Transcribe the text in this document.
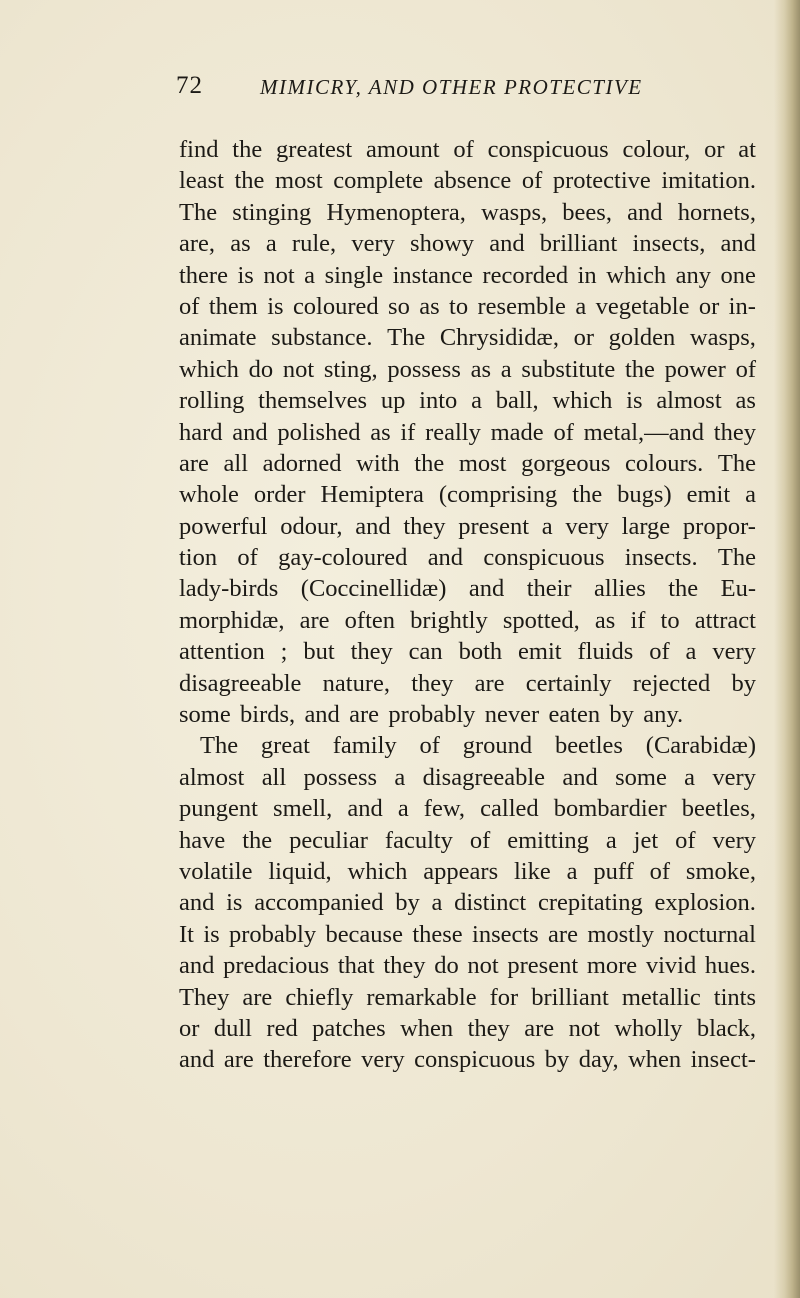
72	MIMICRY, AND OTHER PROTECTIVE
find the greatest amount of conspicuous colour, or at
least the most complete absence of protective imitation.
The stinging Hymenoptera, wasps, bees, and hornets,
are, as a rule, very showy and brilliant insects, and
there is not a single instance recorded in which any one
of them is coloured so as to resemble a vegetable or in-
animate substance. The Chrysididæ, or golden wasps,
which do not sting, possess as a substitute the power of
rolling themselves up into a ball, which is almost as
hard and polished as if really made of metal,—and they
are all adorned with the most gorgeous colours. The
whole order Hemiptera (comprising the bugs) emit a
powerful odour, and they present a very large propor-
tion of gay-coloured and conspicuous insects. The
lady-birds (Coccinellidæ) and their allies the Eu-
morphidæ, are often brightly spotted, as if to attract
attention ; but they can both emit fluids of a very
disagreeable nature, they are certainly rejected by
some birds, and are probably never eaten by any.
The great family of ground beetles (Carabidæ)
almost all possess a disagreeable and some a very
pungent smell, and a few, called bombardier beetles,
have the peculiar faculty of emitting a jet of very
volatile liquid, which appears like a puff of smoke,
and is accompanied by a distinct crepitating explosion.
It is probably because these insects are mostly nocturnal
and predacious that they do not present more vivid hues.
They are chiefly remarkable for brilliant metallic tints
or dull red patches when they are not wholly black,
and are therefore very conspicuous by day, when insect-
